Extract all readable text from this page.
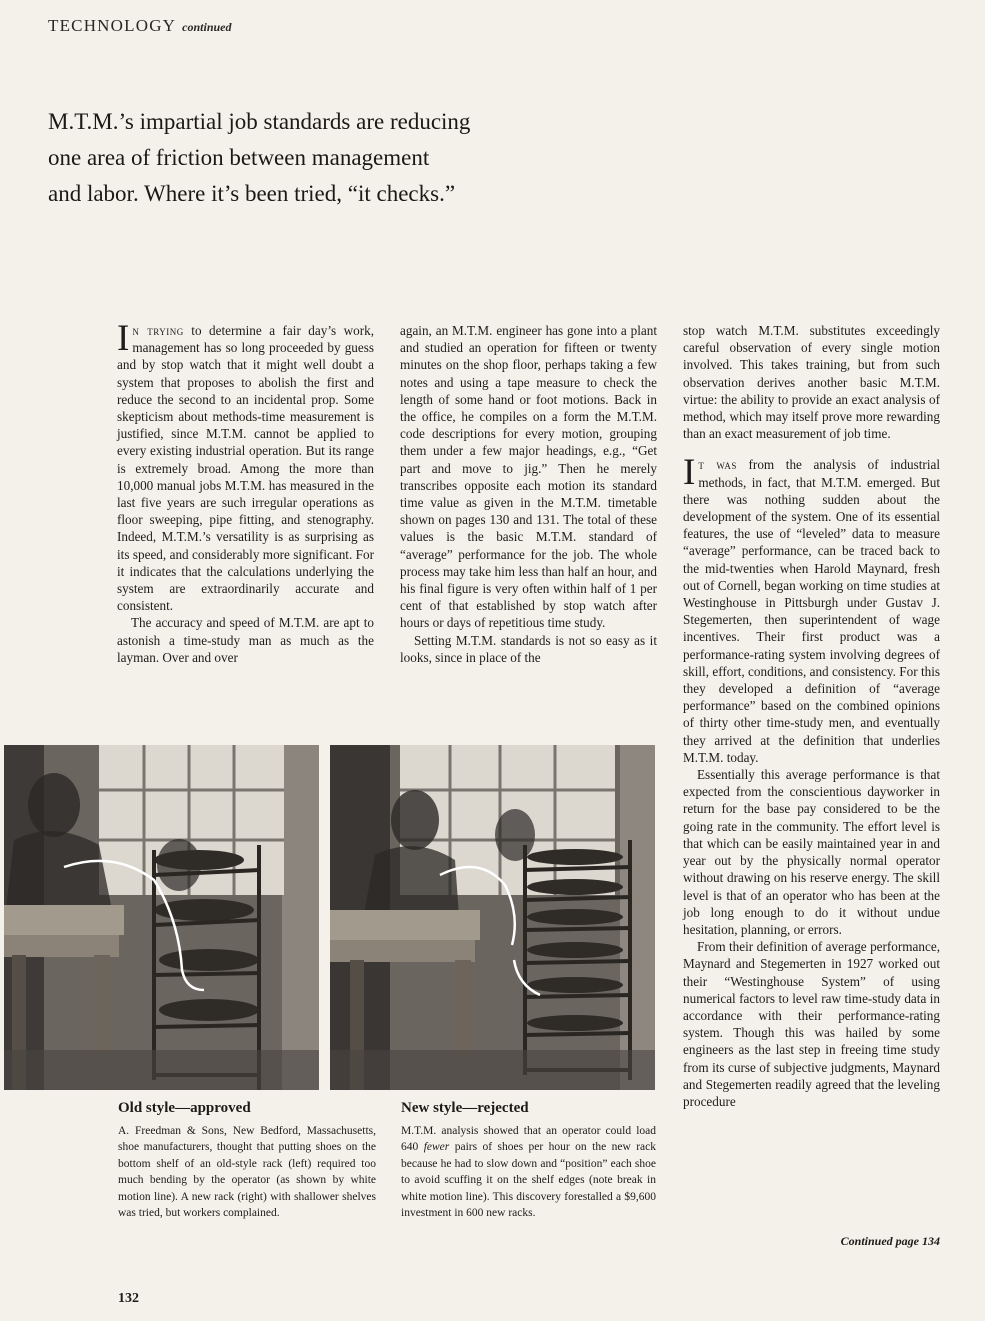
TECHNOLOGY continued
M.T.M.’s impartial job standards are reducing
one area of friction between management
and labor. Where it’s been tried, “it checks.”

In trying to determine a fair day’s work, management has so long proceeded by guess and by stop watch that it might well doubt a system that proposes to abolish the first and reduce the second to an incidental prop. Some skepticism about methods-time measurement is justified, since M.T.M. cannot be applied to every existing industrial operation. But its range is extremely broad. Among the more than 10,000 manual jobs M.T.M. has measured in the last five years are such irregular operations as floor sweeping, pipe fitting, and stenography. Indeed, M.T.M.’s versatility is as surprising as its speed, and considerably more significant. For it indicates that the calculations underlying the system are extraordinarily accurate and consistent.

The accuracy and speed of M.T.M. are apt to astonish a time-study man as much as the layman. Over and over

again, an M.T.M. engineer has gone into a plant and studied an operation for fifteen or twenty minutes on the shop floor, perhaps taking a few notes and using a tape measure to check the length of some hand or foot motions. Back in the office, he compiles on a form the M.T.M. code descriptions for every motion, grouping them under a few major headings, e.g., “Get part and move to jig.” Then he merely transcribes opposite each motion its standard time value as given in the M.T.M. timetable shown on pages 130 and 131. The total of these values is the basic M.T.M. standard of “average” performance for the job. The whole process may take him less than half an hour, and his final figure is very often within half of 1 per cent of that established by stop watch after hours or days of repetitious time study.

Setting M.T.M. standards is not so easy as it looks, since in place of the

stop watch M.T.M. substitutes exceedingly careful observation of every single motion involved. This takes training, but from such observation derives another basic M.T.M. virtue: the ability to provide an exact analysis of method, which may itself prove more rewarding than an exact measurement of job time.

It was from the analysis of industrial methods, in fact, that M.T.M. emerged. But there was nothing sudden about the development of the system. One of its essential features, the use of “leveled” data to measure “average” performance, can be traced back to the mid-twenties when Harold Maynard, fresh out of Cornell, began working on time studies at Westinghouse in Pittsburgh under Gustav J. Stegemerten, then superintendent of wage incentives. Their first product was a performance-rating system involving degrees of skill, effort, conditions, and consistency. For this they developed a definition of “average performance” based on the combined opinions of thirty other time-study men, and eventually they arrived at the definition that underlies M.T.M. today.

Essentially this average performance is that expected from the conscientious dayworker in return for the base pay considered to be the going rate in the community. The effort level is that which can be easily maintained year in and year out by the physically normal operator without drawing on his reserve energy. The skill level is that of an operator who has been at the job long enough to do it without undue hesitation, planning, or errors.

From their definition of average performance, Maynard and Stegemerten in 1927 worked out their “Westinghouse System” of using numerical factors to level raw time-study data in accordance with their performance-rating system. Though this was hailed by some engineers as the last step in freeing time study from its curse of subjective judgments, Maynard and Stegemerten readily agreed that the leveling procedure

Old style—approved
A. Freedman & Sons, New Bedford, Massachusetts, shoe manufacturers, thought that putting shoes on the bottom shelf of an old-style rack (left) required too much bending by the operator (as shown by white motion line). A new rack (right) with shallower shelves was tried, but workers complained.
New style—rejected
M.T.M. analysis showed that an operator could load 640 fewer pairs of shoes per hour on the new rack because he had to slow down and “position” each shoe to avoid scuffing it on the shelf edges (note break in white motion line). This discovery forestalled a $9,600 investment in 600 new racks.
Continued page 134
132
